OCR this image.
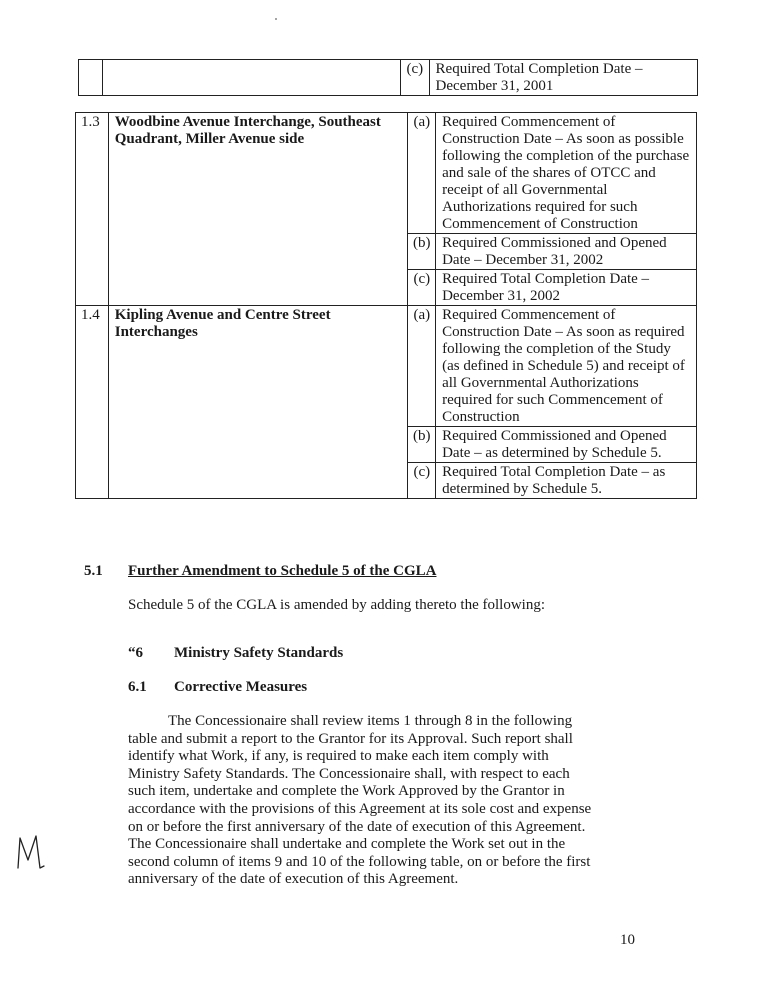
		(c)	Required Total Completion Date – December 31, 2001
1.3	Woodbine Avenue Interchange, Southeast Quadrant, Miller Avenue side	(a)	Required Commencement of Construction Date – As soon as possible following the completion of the purchase and sale of the shares of OTCC and receipt of all Governmental Authorizations required for such Commencement of Construction
		(b)	Required Commissioned and Opened Date – December 31, 2002
		(c)	Required Total Completion Date – December 31, 2002
1.4	Kipling Avenue and Centre Street Interchanges	(a)	Required Commencement of Construction Date – As soon as required following the completion of the Study (as defined in Schedule 5) and receipt of all Governmental Authorizations required for such Commencement of Construction
		(b)	Required Commissioned and Opened Date – as determined by Schedule 5.
		(c)	Required Total Completion Date – as determined by Schedule 5.
5.1 Further Amendment to Schedule 5 of the CGLA
Schedule 5 of the CGLA is amended by adding thereto the following:
“6 Ministry Safety Standards
6.1 Corrective Measures

The Concessionaire shall review items 1 through 8 in the following table and submit a report to the Grantor for its Approval. Such report shall identify what Work, if any, is required to make each item comply with Ministry Safety Standards. The Concessionaire shall, with respect to each such item, undertake and complete the Work Approved by the Grantor in accordance with the provisions of this Agreement at its sole cost and expense on or before the first anniversary of the date of execution of this Agreement. The Concessionaire shall undertake and complete the Work set out in the second column of items 9 and 10 of the following table, on or before the first anniversary of the date of execution of this Agreement.

10
